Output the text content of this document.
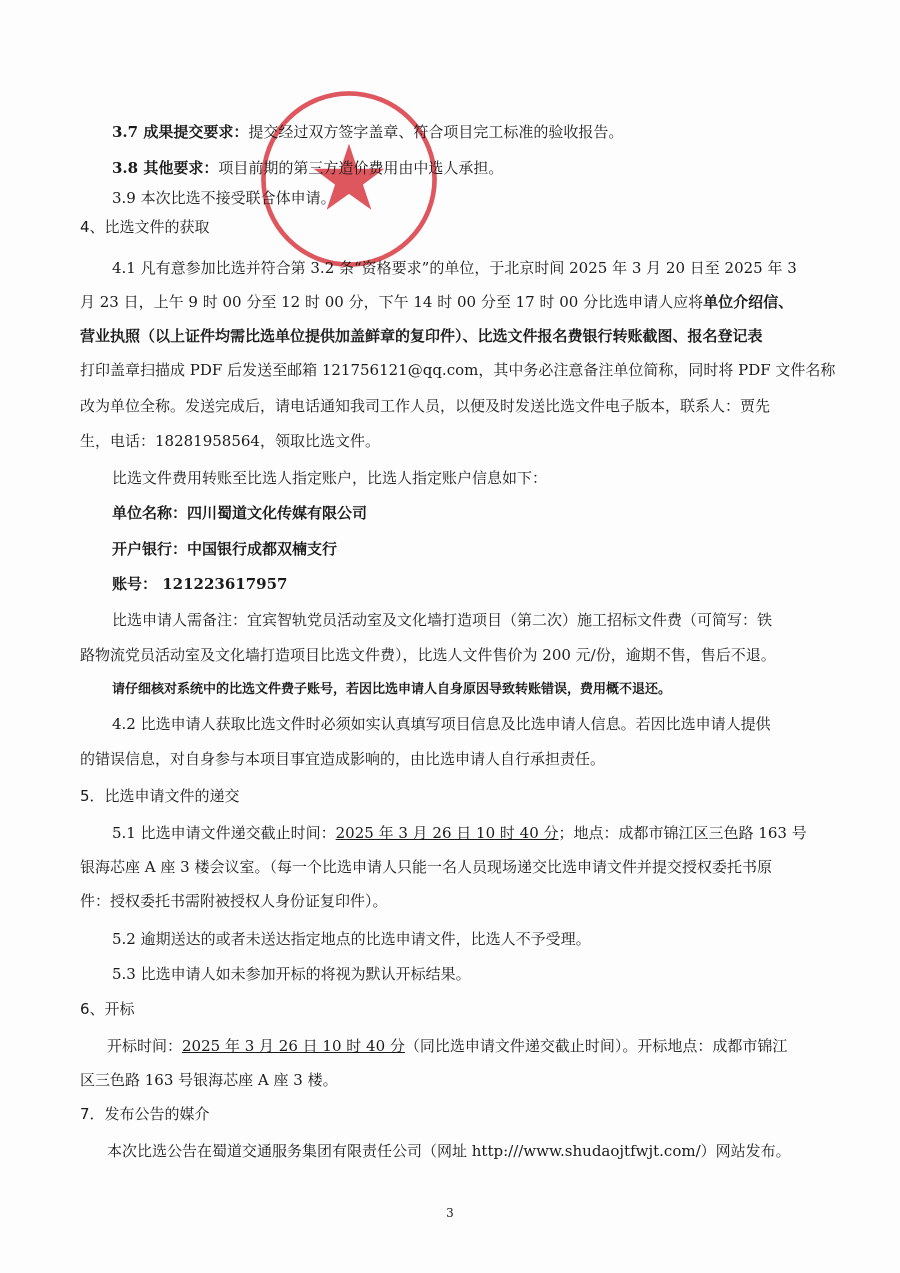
3.7 成果提交要求：提交经过双方签字盖章、符合项目完工标准的验收报告。
3.8 其他要求：项目前期的第三方造价费用由中选人承担。
3.9 本次比选不接受联合体申请。
4、比选文件的获取
4.1 凡有意参加比选并符合第 3.2 条“资格要求”的单位，于北京时间 2025 年 3 月 20 日至 2025 年 3
月 23 日，上午 9 时 00 分至 12 时 00 分，下午 14 时 00 分至 17 时 00 分比选申请人应将单位介绍信、
营业执照（以上证件均需比选单位提供加盖鲜章的复印件）、比选文件报名费银行转账截图、报名登记表
打印盖章扫描成 PDF 后发送至邮箱 121756121@qq.com，其中务必注意备注单位简称，同时将 PDF 文件名称
改为单位全称。发送完成后，请电话通知我司工作人员，以便及时发送比选文件电子版本，联系人：贾先
生，电话：18281958564，领取比选文件。
比选文件费用转账至比选人指定账户，比选人指定账户信息如下：
单位名称：四川蜀道文化传媒有限公司
开户银行：中国银行成都双楠支行
账号： 121223617957
比选申请人需备注：宜宾智轨党员活动室及文化墙打造项目（第二次）施工招标文件费（可简写：铁
路物流党员活动室及文化墙打造项目比选文件费），比选人文件售价为 200 元/份，逾期不售，售后不退。
请仔细核对系统中的比选文件费子账号，若因比选申请人自身原因导致转账错误，费用概不退还。
4.2 比选申请人获取比选文件时必须如实认真填写项目信息及比选申请人信息。若因比选申请人提供
的错误信息，对自身参与本项目事宜造成影响的，由比选申请人自行承担责任。
5．比选申请文件的递交
5.1 比选申请文件递交截止时间：2025 年 3 月 26 日 10 时 40 分；地点：成都市锦江区三色路 163 号
银海芯座 A 座 3 楼会议室。（每一个比选申请人只能一名人员现场递交比选申请文件并提交授权委托书原
件：授权委托书需附被授权人身份证复印件）。
5.2 逾期送达的或者未送达指定地点的比选申请文件，比选人不予受理。
5.3 比选申请人如未参加开标的将视为默认开标结果。
6、开标
开标时间：2025 年 3 月 26 日 10 时 40 分（同比选申请文件递交截止时间）。开标地点：成都市锦江
区三色路 163 号银海芯座 A 座 3 楼。
7．发布公告的媒介
本次比选公告在蜀道交通服务集团有限责任公司（网址 http:///www.shudaojtfwjt.com/）网站发布。
3
